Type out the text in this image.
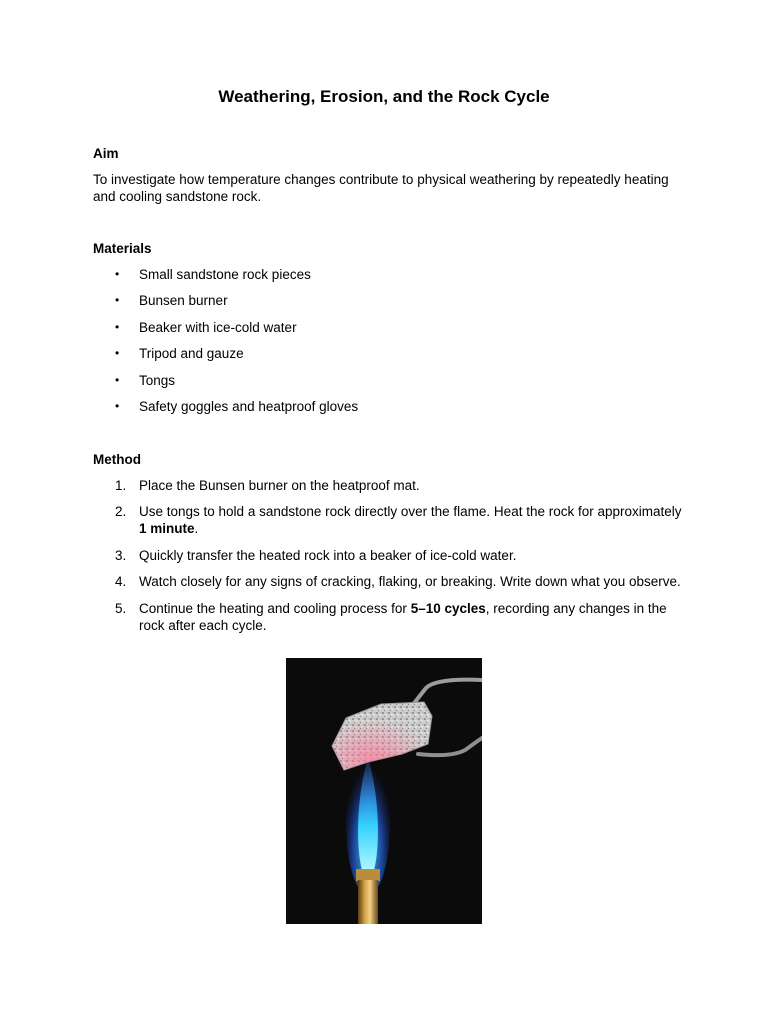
Weathering, Erosion, and the Rock Cycle
Aim
To investigate how temperature changes contribute to physical weathering by repeatedly heating and cooling sandstone rock.
Materials
• Small sandstone rock pieces
• Bunsen burner
• Beaker with ice-cold water
• Tripod and gauze
• Tongs
• Safety goggles and heatproof gloves
Method
1. Place the Bunsen burner on the heatproof mat.
2. Use tongs to hold a sandstone rock directly over the flame. Heat the rock for approximately 1 minute.
3. Quickly transfer the heated rock into a beaker of ice-cold water.
4. Watch closely for any signs of cracking, flaking, or breaking. Write down what you observe.
5. Continue the heating and cooling process for 5–10 cycles, recording any changes in the rock after each cycle.
